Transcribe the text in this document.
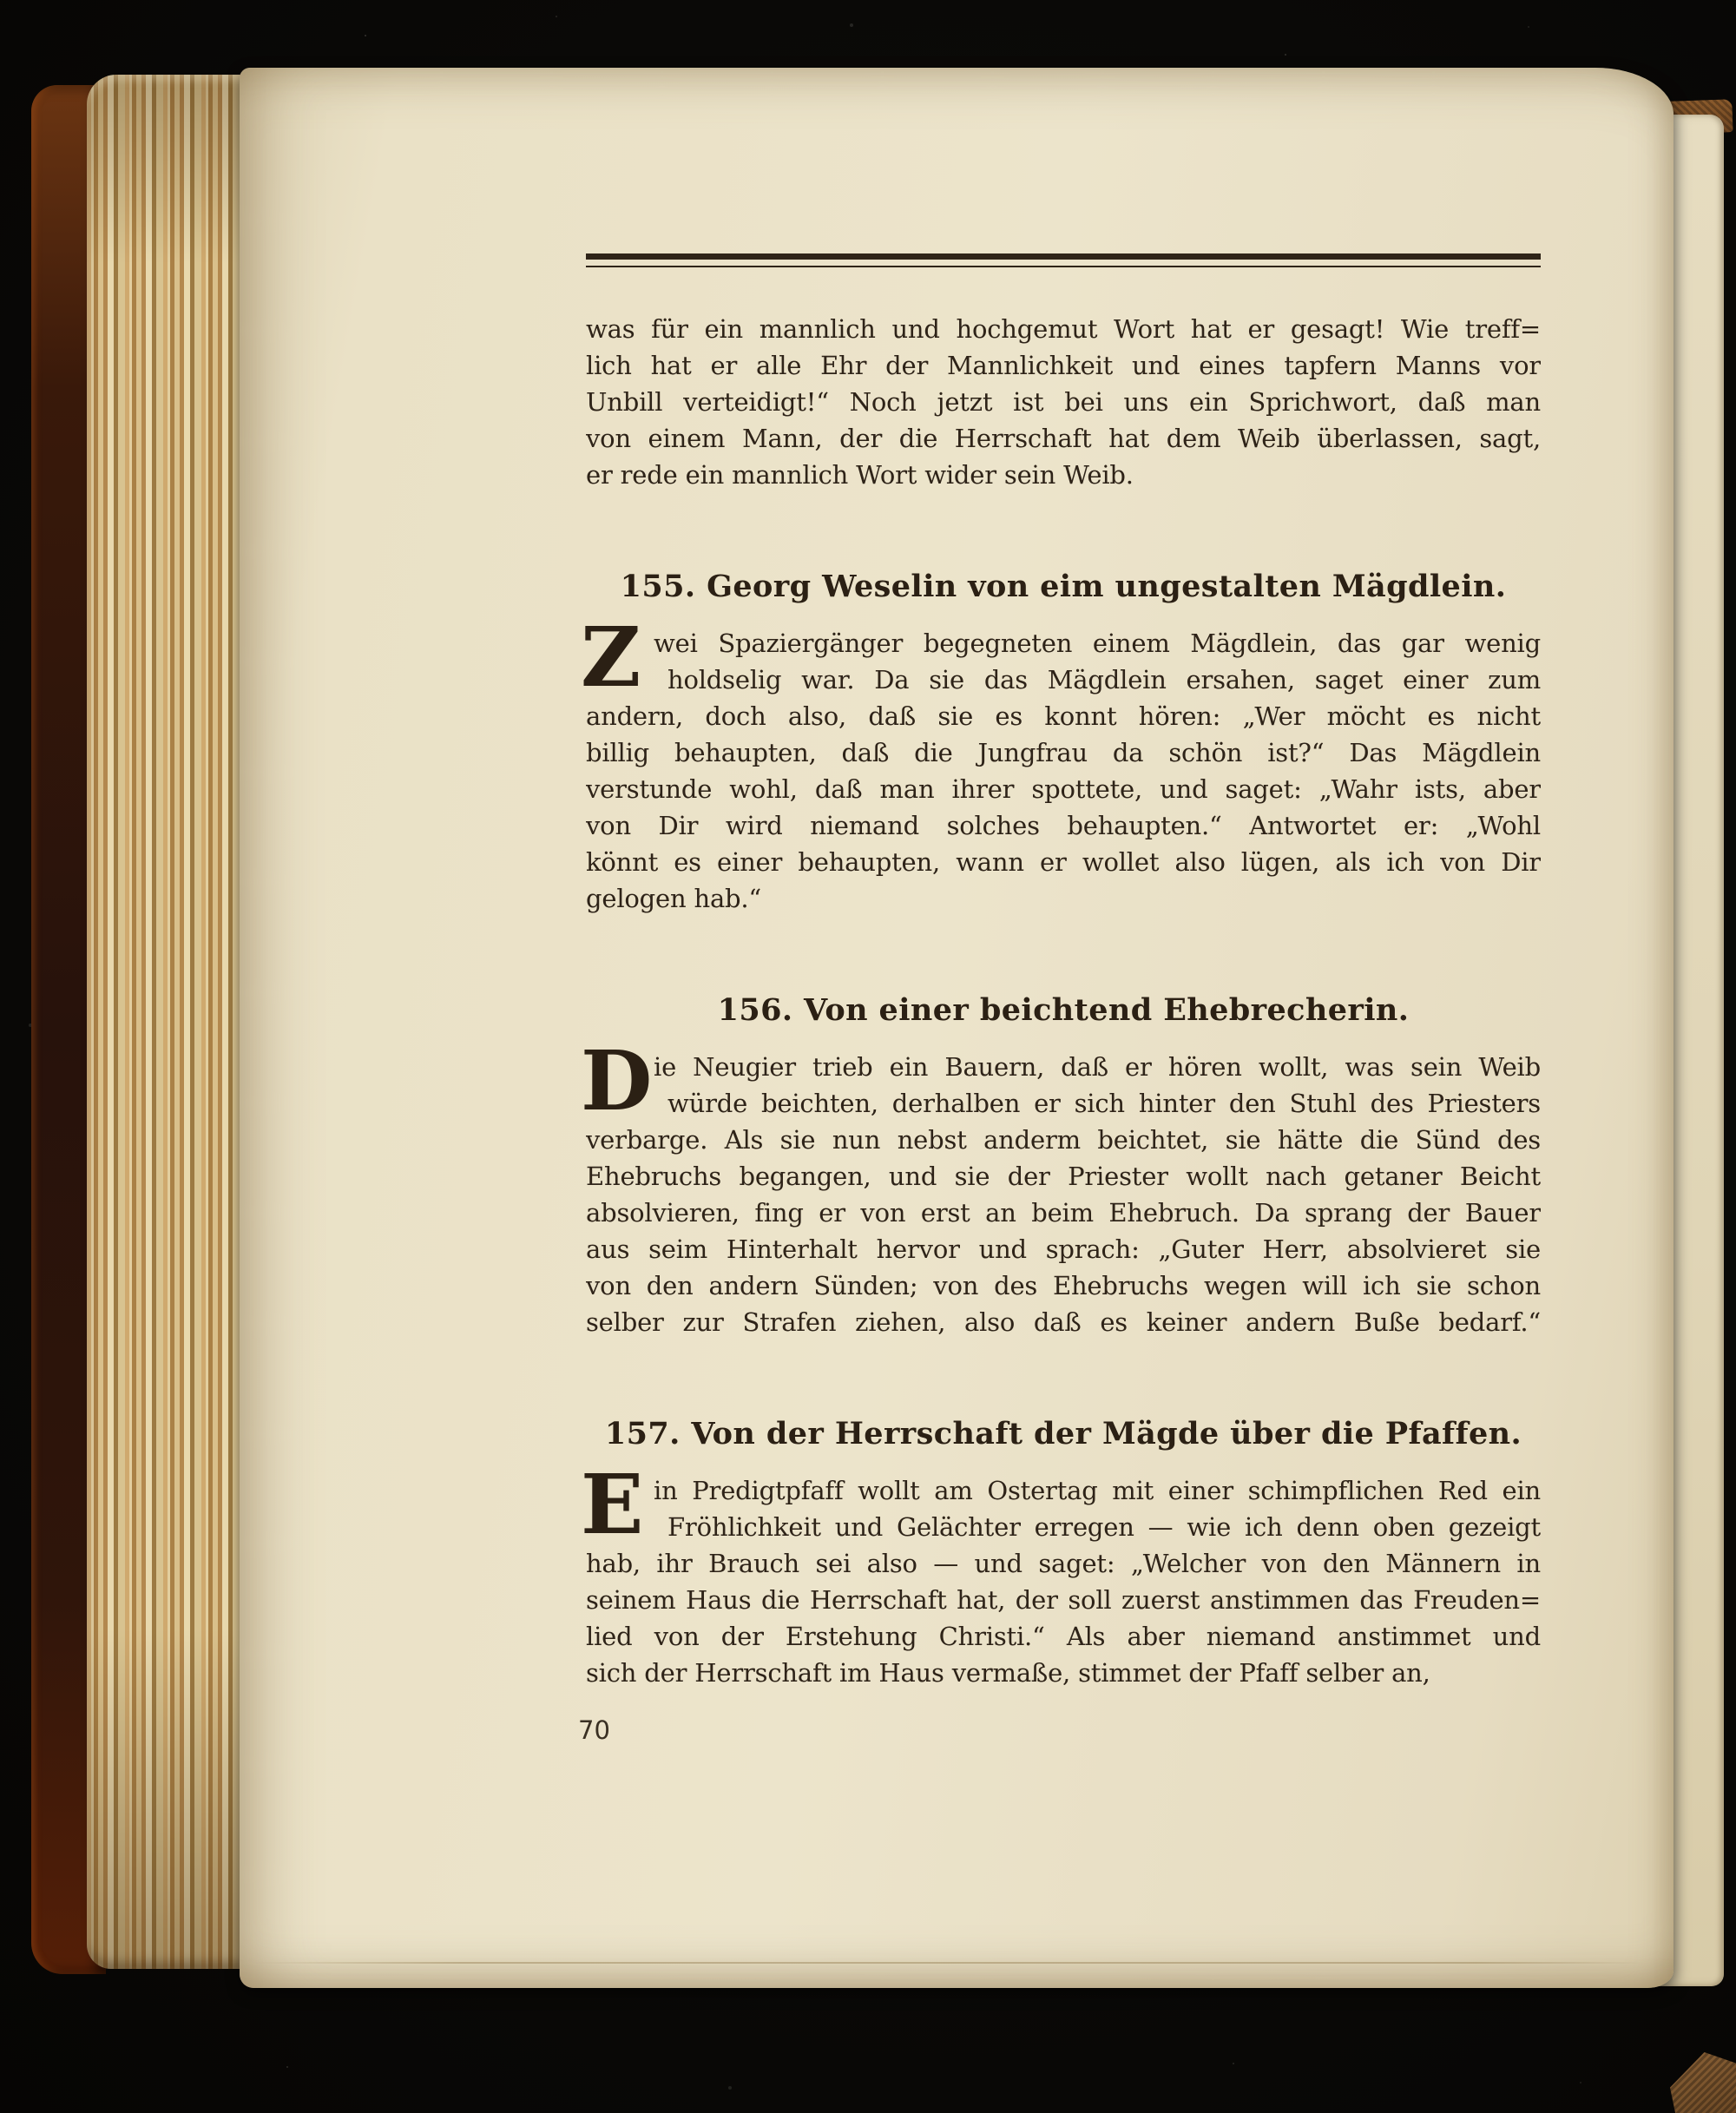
was für ein mannlich und hochgemut Wort hat er gesagt! Wie treff=
lich hat er alle Ehr der Mannlichkeit und eines tapfern Manns vor
Unbill verteidigt!“ Noch jetzt ist bei uns ein Sprichwort, daß man
von einem Mann, der die Herrschaft hat dem Weib überlassen, sagt,
er rede ein mannlich Wort wider sein Weib.
155. Georg Weselin von eim ungestalten Mägdlein.
Z wei Spaziergänger begegneten einem Mägdlein, das gar wenig
holdselig war. Da sie das Mägdlein ersahen, saget einer zum
andern, doch also, daß sie es konnt hören: „Wer möcht es nicht
billig behaupten, daß die Jungfrau da schön ist?“ Das Mägdlein
verstunde wohl, daß man ihrer spottete, und saget: „Wahr ists, aber
von Dir wird niemand solches behaupten.“ Antwortet er: „Wohl
könnt es einer behaupten, wann er wollet also lügen, als ich von Dir
gelogen hab.“
156. Von einer beichtend Ehebrecherin.
D ie Neugier trieb ein Bauern, daß er hören wollt, was sein Weib
würde beichten, derhalben er sich hinter den Stuhl des Priesters
verbarge. Als sie nun nebst anderm beichtet, sie hätte die Sünd des
Ehebruchs begangen, und sie der Priester wollt nach getaner Beicht
absolvieren, fing er von erst an beim Ehebruch. Da sprang der Bauer
aus seim Hinterhalt hervor und sprach: „Guter Herr, absolvieret sie
von den andern Sünden; von des Ehebruchs wegen will ich sie schon
selber zur Strafen ziehen, also daß es keiner andern Buße bedarf.“
157. Von der Herrschaft der Mägde über die Pfaffen.
E in Predigtpfaff wollt am Ostertag mit einer schimpflichen Red ein
Fröhlichkeit und Gelächter erregen — wie ich denn oben gezeigt
hab, ihr Brauch sei also — und saget: „Welcher von den Männern in
seinem Haus die Herrschaft hat, der soll zuerst anstimmen das Freuden=
lied von der Erstehung Christi.“ Als aber niemand anstimmet und
sich der Herrschaft im Haus vermaße, stimmet der Pfaff selber an,
70
